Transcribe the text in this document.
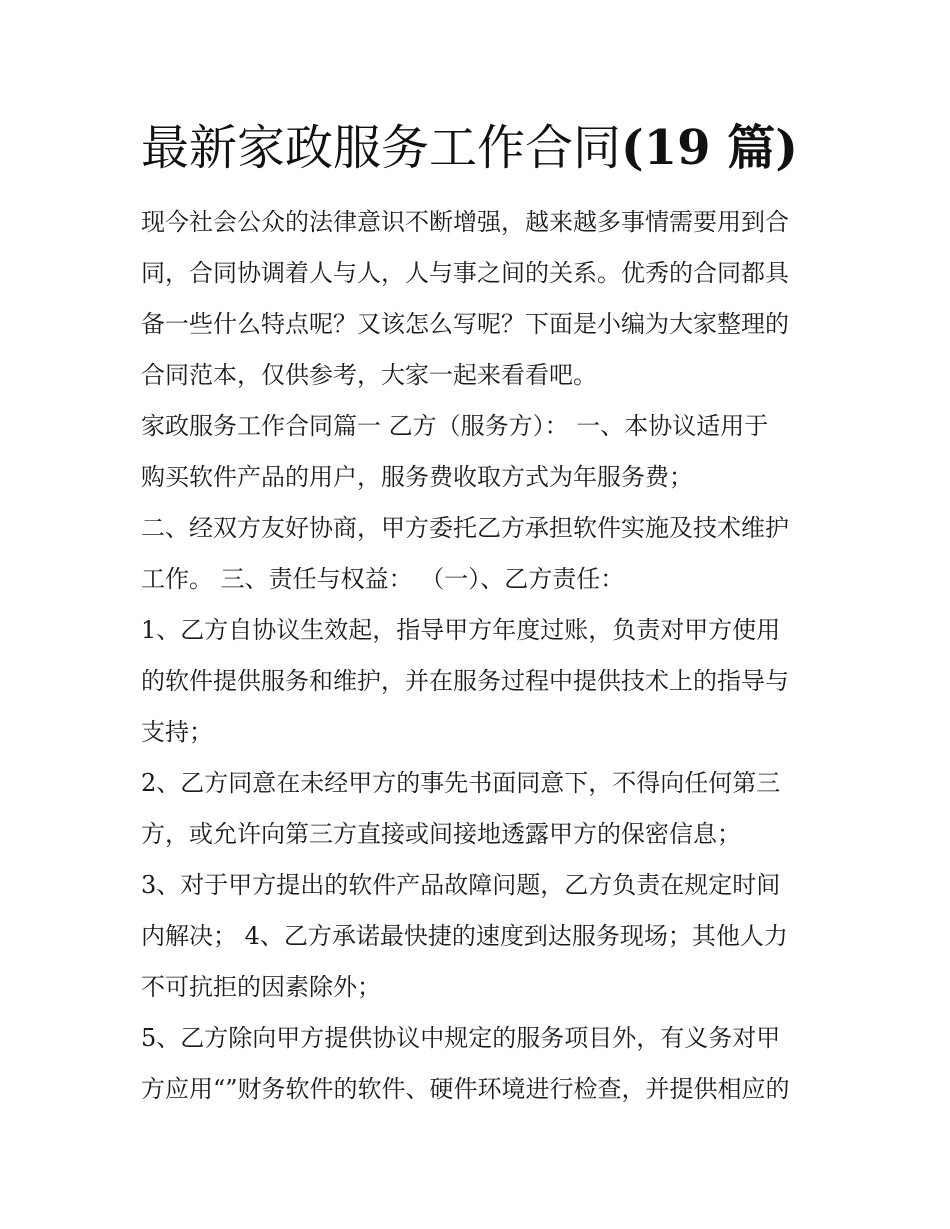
最新家政服务工作合同(19 篇)
现今社会公众的法律意识不断增强，越来越多事情需要用到合
同，合同协调着人与人，人与事之间的关系。优秀的合同都具
备一些什么特点呢？又该怎么写呢？下面是小编为大家整理的
合同范本，仅供参考，大家一起来看看吧。
家政服务工作合同篇一 乙方（服务方）： 一、本协议适用于
购买软件产品的用户，服务费收取方式为年服务费；
二、经双方友好协商，甲方委托乙方承担软件实施及技术维护
工作。 三、责任与权益： （一）、乙方责任：
1、乙方自协议生效起，指导甲方年度过账，负责对甲方使用
的软件提供服务和维护，并在服务过程中提供技术上的指导与
支持；
2、乙方同意在未经甲方的事先书面同意下，不得向任何第三
方，或允许向第三方直接或间接地透露甲方的保密信息；
3、对于甲方提出的软件产品故障问题，乙方负责在规定时间
内解决； 4、乙方承诺最快捷的速度到达服务现场；其他人力
不可抗拒的因素除外；
5、乙方除向甲方提供协议中规定的服务项目外，有义务对甲
方应用“”财务软件的软件、硬件环境进行检查，并提供相应的
